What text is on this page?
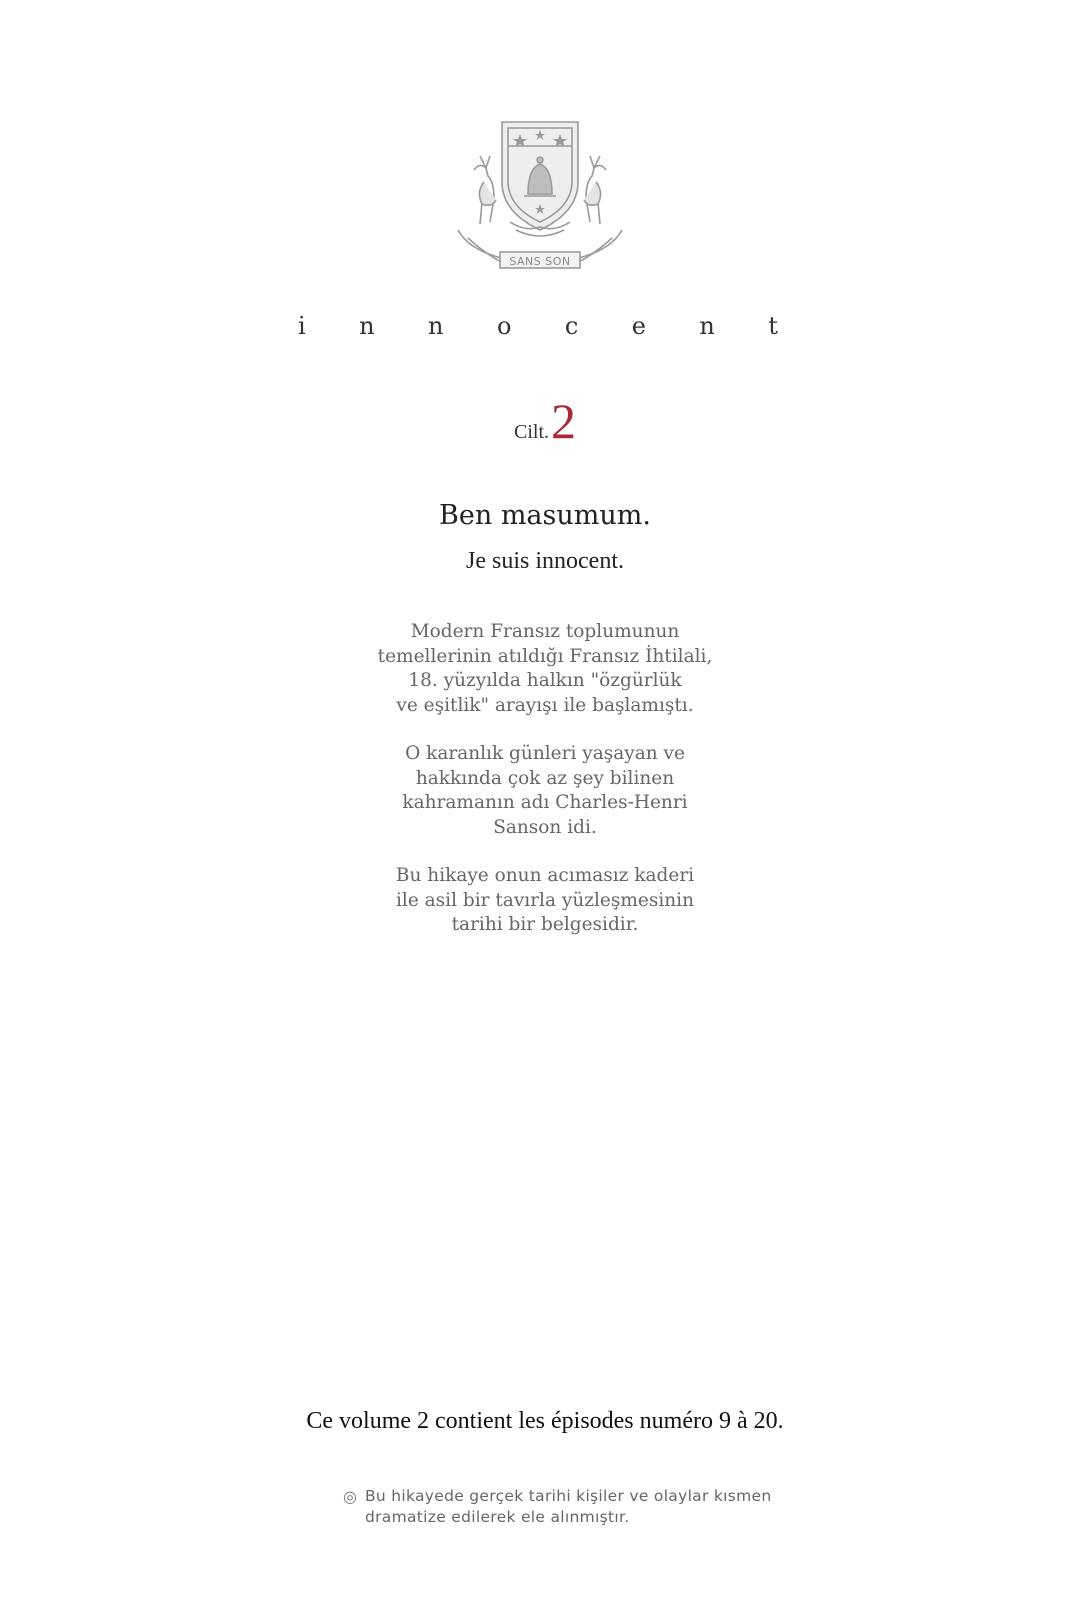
SANS SON
i n n o c e n t
Cilt.2
Ben masumum.
Je suis innocent.

Modern Fransız toplumunun
temellerinin atıldığı Fransız İhtilali,
18. yüzyılda halkın "özgürlük
ve eşitlik" arayışı ile başlamıştı.

O karanlık günleri yaşayan ve
hakkında çok az şey bilinen
kahramanın adı Charles-Henri
Sanson idi.

Bu hikaye onun acımasız kaderi
ile asil bir tavırla yüzleşmesinin
tarihi bir belgesidir.

Ce volume 2 contient les épisodes numéro 9 à 20.
◎ Bu hikayede gerçek tarihi kişiler ve olaylar kısmen
dramatize edilerek ele alınmıştır.
